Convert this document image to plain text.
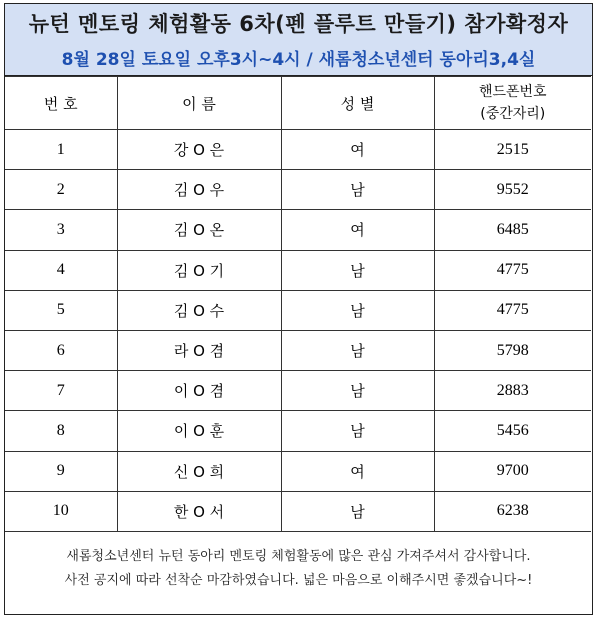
뉴턴 멘토링 체험활동 6차(펜 플루트 만들기) 참가확정자
8월 28일 토요일 오후3시~4시 / 새롬청소년센터 동아리3,4실
번 호	이 름	성 별	핸드폰번호
(중간자리)

1	강 O 은	여	2515
2	김 O 우	남	9552
3	김 O 온	여	6485
4	김 O 기	남	4775
5	김 O 수	남	4775
6	라 O 겸	남	5798
7	이 O 겸	남	2883
8	이 O 훈	남	5456
9	신 O 희	여	9700
10	한 O 서	남	6238
새롬청소년센터 뉴턴 동아리 멘토링 체험활동에 많은 관심 가져주셔서 감사합니다.
사전 공지에 따라 선착순 마감하였습니다. 넓은 마음으로 이해주시면 좋겠습니다~!
